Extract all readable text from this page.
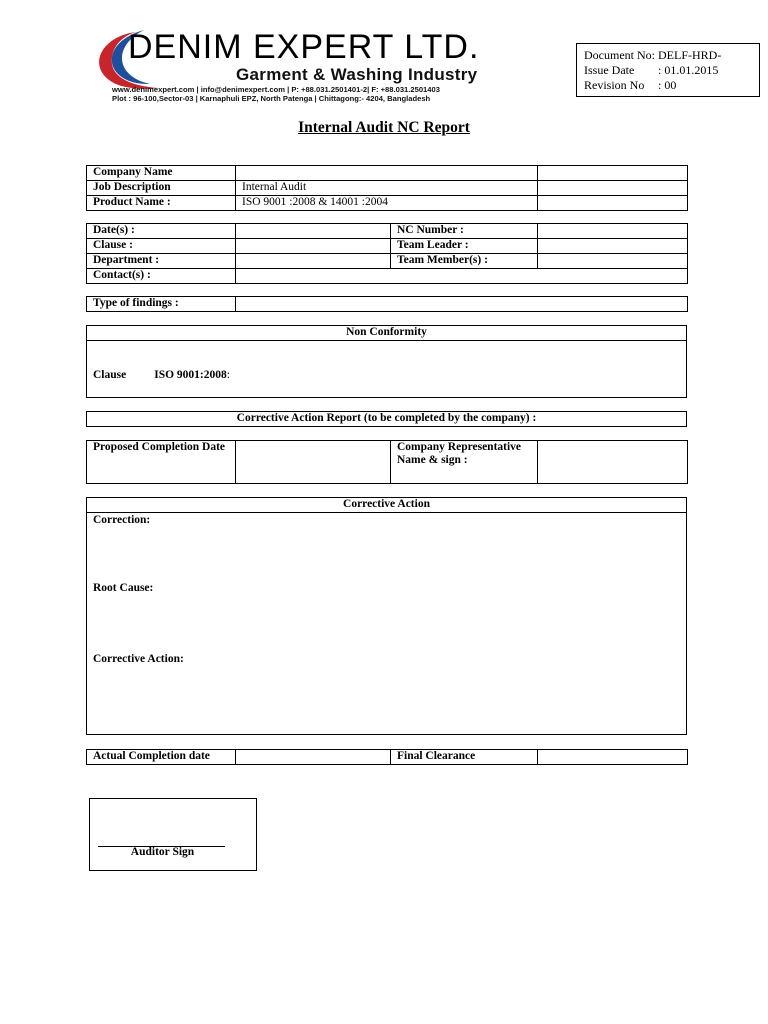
DENIM EXPERT LTD.
Garment & Washing Industry
www.denimexpert.com | info@denimexpert.com | P: +88.031.2501401-2| F: +88.031.2501403
Plot : 96-100,Sector-03 | Karnaphuli EPZ, North Patenga | Chittagong:- 4204, Bangladesh
Document No: DELF-HRD-
Issue Date : 01.01.2015
Revision No : 00
Internal Audit NC Report
Company Name		
Job Description	Internal Audit	
Product Name :	ISO 9001 :2008 & 14001 :2004	
Date(s) :		NC Number :	
Clause :		Team Leader :	
Department :		Team Member(s) :	
Contact(s) :			
Type of findings :	
Non Conformity
Clause ISO 9001:2008:
Corrective Action Report (to be completed by the company) :
Proposed Completion Date		Company Representative Name & sign :	
Corrective Action
Correction:
Root Cause:
Corrective Action:
Actual Completion date		Final Clearance	
Auditor Sign
